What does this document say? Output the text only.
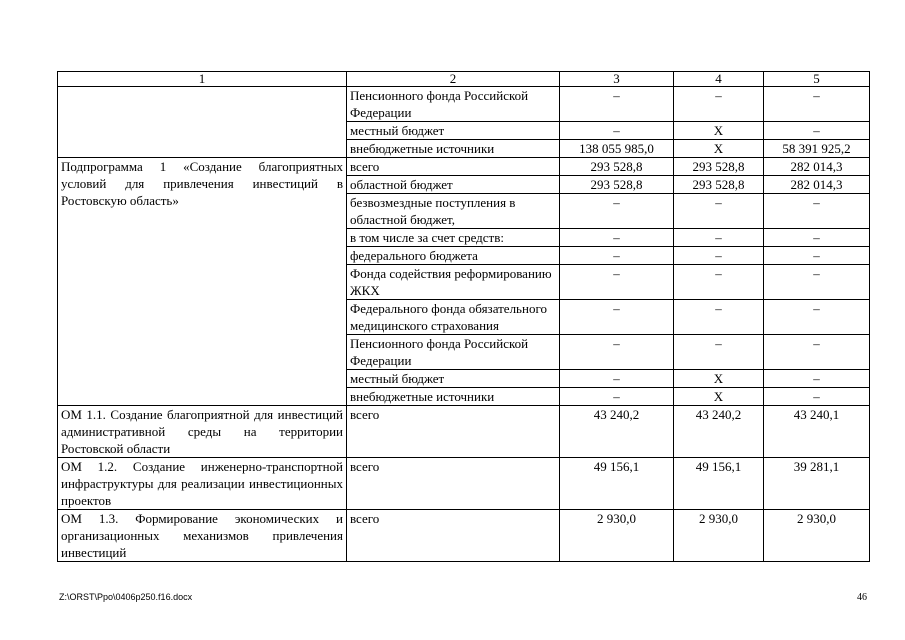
1	2	3	4	5
	Пенсионного фонда Российской Федерации	–	–	–
	местный бюджет	–	Х	–
	внебюджетные источники	138 055 985,0	Х	58 391 925,2
Подпрограмма 1 «Создание благоприятных условий для привлечения инвестиций в Ростовскую область»	всего	293 528,8	293 528,8	282 014,3
	областной бюджет	293 528,8	293 528,8	282 014,3
	безвозмездные поступления в областной бюджет,	–	–	–
	в том числе за счет средств:	–	–	–
	федерального бюджета	–	–	–
	Фонда содействия реформированию ЖКХ	–	–	–
	Федерального фонда обязательного медицинского страхования	–	–	–
	Пенсионного фонда Российской Федерации	–	–	–
	местный бюджет	–	Х	–
	внебюджетные источники	–	Х	–
ОМ 1.1. Создание благоприятной для инвестиций административной среды на территории Ростовской области	всего	43 240,2	43 240,2	43 240,1
ОМ 1.2. Создание инженерно-транспортной инфраструктуры для реализации инвестиционных проектов	всего	49 156,1	49 156,1	39 281,1
ОМ 1.3. Формирование экономических и организационных механизмов привлечения инвестиций	всего	2 930,0	2 930,0	2 930,0
Z:\ORST\Ppo\0406p250.f16.docx	46
